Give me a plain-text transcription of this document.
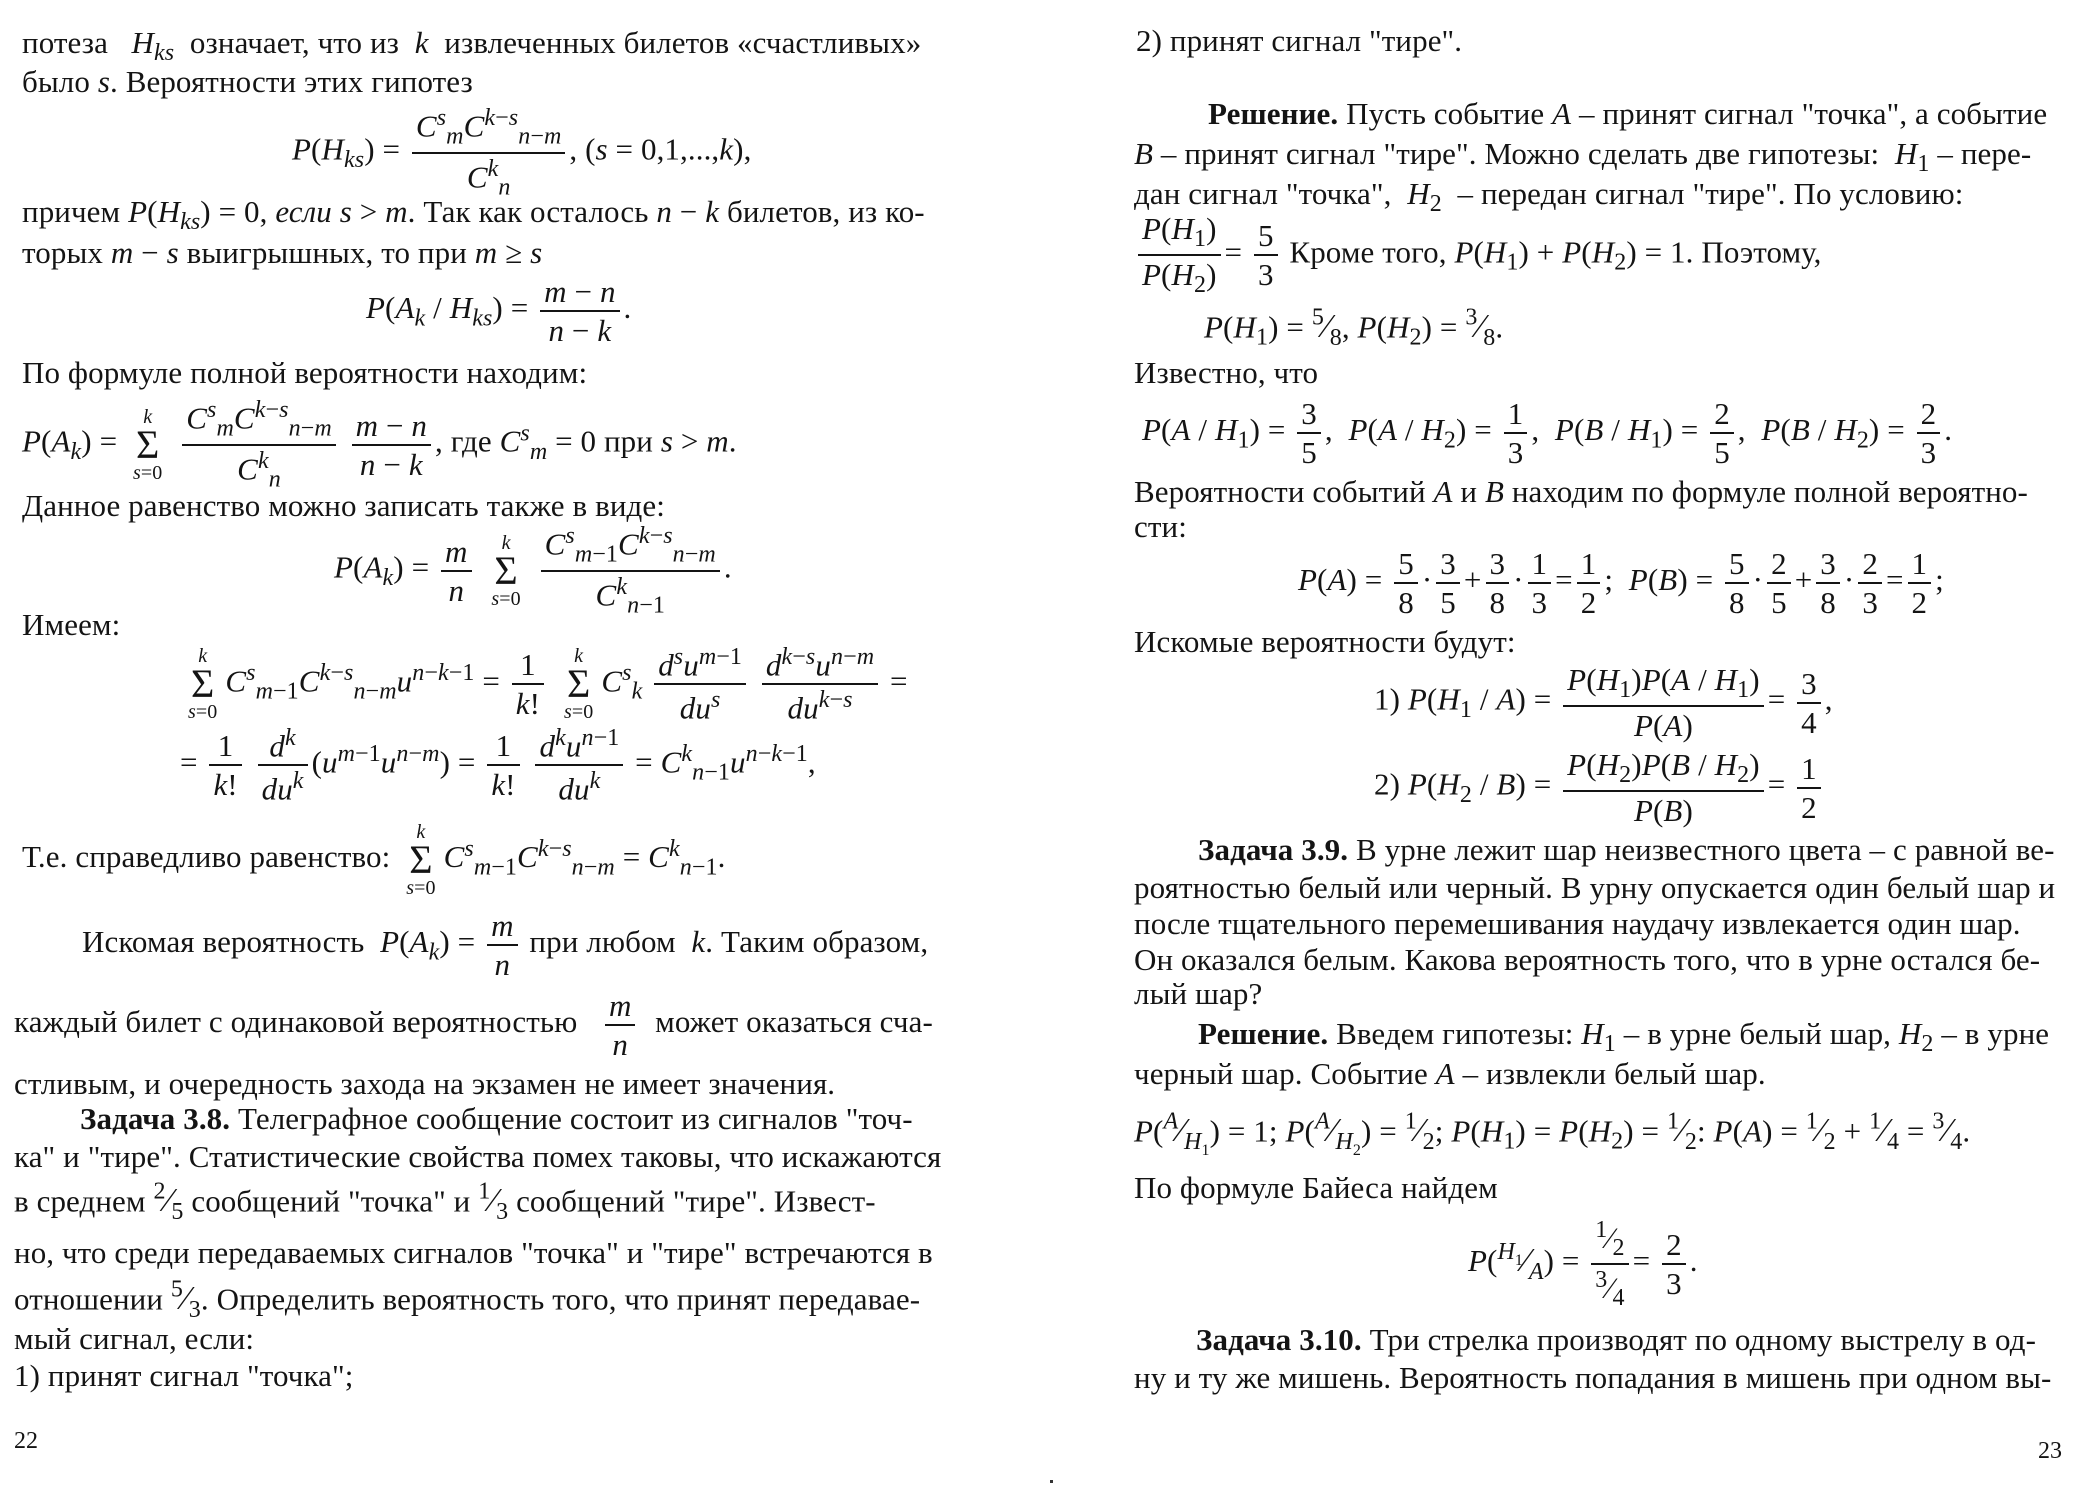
потеза   $H_{ks}$  означает, что из  k  извлеченных билетов «счастливых»
было s. Вероятности этих гипотез
$P(H_{ks}) = \frac{C^s_mC^{k-s}_{n-m}}{C^k_n}$ , (s = 0,1,...,k),
причем $P(H_{ks}) = 0$, если s > m. Так как осталось n − k билетов, из ко-
торых m − s выигрышных, то при m ≥ s
$P(A_k / H_{ks}) = \frac{m - n}{n - k}$ .
По формуле полной вероятности находим:
$P(A_k)$ =
k
Σ
s=0
$\frac{C^s_mC^{k-s}_{n-m}}{C^k_n}$
$\frac{m - n}{n - k}$ , где $C^s_m = 0$ при s > m.
Данное равенство можно записать также в виде:
$P(A_k) = \frac{m}{n}$
	k
Σ
s=0
$\frac{C^s_{m-1}C^{k-s}_{n-m}}{C^k_{n-1}}$ .
Имеем:
k
Σ
s=0
$C^s_{m-1}C^{k-s}_{n-m}u^{n-k-1} = \frac{1}{k!}$
	k
Σ
s=0
$C^s_k \frac{d^su^{m-1}}{du^s}$
$\frac{d^{k-s}u^{n-m}}{du^{k-s}}$ =
= $\frac{1}{k!}$
$\frac{d^k}{du^k} (u^{m-1}u^{n-m}) = \frac{1}{k!}$
$\frac{d^ku^{n-1}}{du^k} = C^k_{n-1}u^{n-k-1}$,
Т.е. справедливо равенство:
k
Σ
s=0
$C^s_{m-1}C^{k-s}_{n-m} = C^k_{n-1}$.
Искомая вероятность  $P(A_k) = \frac{m}{n}$ при любом  k. Таким образом,
каждый билет с одинаковой вероятностью $\frac{m}{n}$ может оказаться сча-
стливым, и очередность захода на экзамен не имеет значения.
Задача 3.8. Телеграфное сообщение состоит из сигналов "точ-
ка" и "тире". Статистические свойства помех таковы, что искажаются
в среднем $^2⁄_5$ сообщений "точка" и $^1⁄_3$ сообщений "тире". Извест-
но, что среди передаваемых сигналов "точка" и "тире" встречаются в
отношении $^5⁄_3$. Определить вероятность того, что принят передавае-
мый сигнал, если:
1) принят сигнал "точка";
22
2) принят сигнал "тире".
Решение. Пусть событие A – принят сигнал "точка", а событие
B – принят сигнал "тире". Можно сделать две гипотезы:  $H_1$ – пере-
дан сигнал "точка",  $H_2$  – передан сигнал "тире". По условию:
$\frac{P(H_1)}{P(H_2)} = \frac{5}{3}$ Кроме того, $P(H_1) + P(H_2) = 1$. Поэтому,
$P(H_1)$ = $^5⁄_8$, $P(H_2)$ = $^3⁄_8$.
Известно, что
$P(A / H_1) = \frac{3}{5}$ ,  $P(A / H_2) = \frac{1}{3}$ ,  $P(B / H_1) = \frac{2}{5}$ ,  $P(B / H_2) = \frac{2}{3}$ .
Вероятности событий A и B находим по формуле полной вероятно-
сти:
$P(A) = \frac{5}{8} \cdot \frac{3}{5} + \frac{3}{8} \cdot \frac{1}{3} = \frac{1}{2}$ ;  $P(B) = \frac{5}{8} \cdot \frac{2}{5} + \frac{3}{8} \cdot \frac{2}{3} = \frac{1}{2}$ ;
Искомые вероятности будут:
1) $P(H_1 / A) = \frac{P(H_1)P(A / H_1)}{P(A)} = \frac{3}{4}$ ,
2) $P(H_2 / B) = \frac{P(H_2)P(B / H_2)}{P(B)} = \frac{1}{2}$
Задача 3.9. В урне лежит шар неизвестного цвета – с равной ве-
роятностью белый или черный. В урну опускается один белый шар и
после тщательного перемешивания наудачу извлекается один шар.
Он оказался белым. Какова вероятность того, что в урне остался бе-
лый шар?
Решение. Введем гипотезы: $H_1$ – в урне белый шар, $H_2$ – в урне
черный шар. Событие A – извлекли белый шар.
$P(^A⁄_{H_1}) = 1$; $P(^A⁄_{H_2})$ = $^1⁄_2$; $P(H_1) = P(H_2)$ = $^1⁄_2$: $P(A) = ^1⁄_2$ + $^1⁄_4$ = $^3⁄_4$.
По формуле Байеса найдем
$P(^{H_1}⁄_A) = \frac{^1⁄_2}{^3⁄_4} = \frac{2}{3}$ .
Задача 3.10. Три стрелка производят по одному выстрелу в од-
ну и ту же мишень. Вероятность попадания в мишень при одном вы-
23
